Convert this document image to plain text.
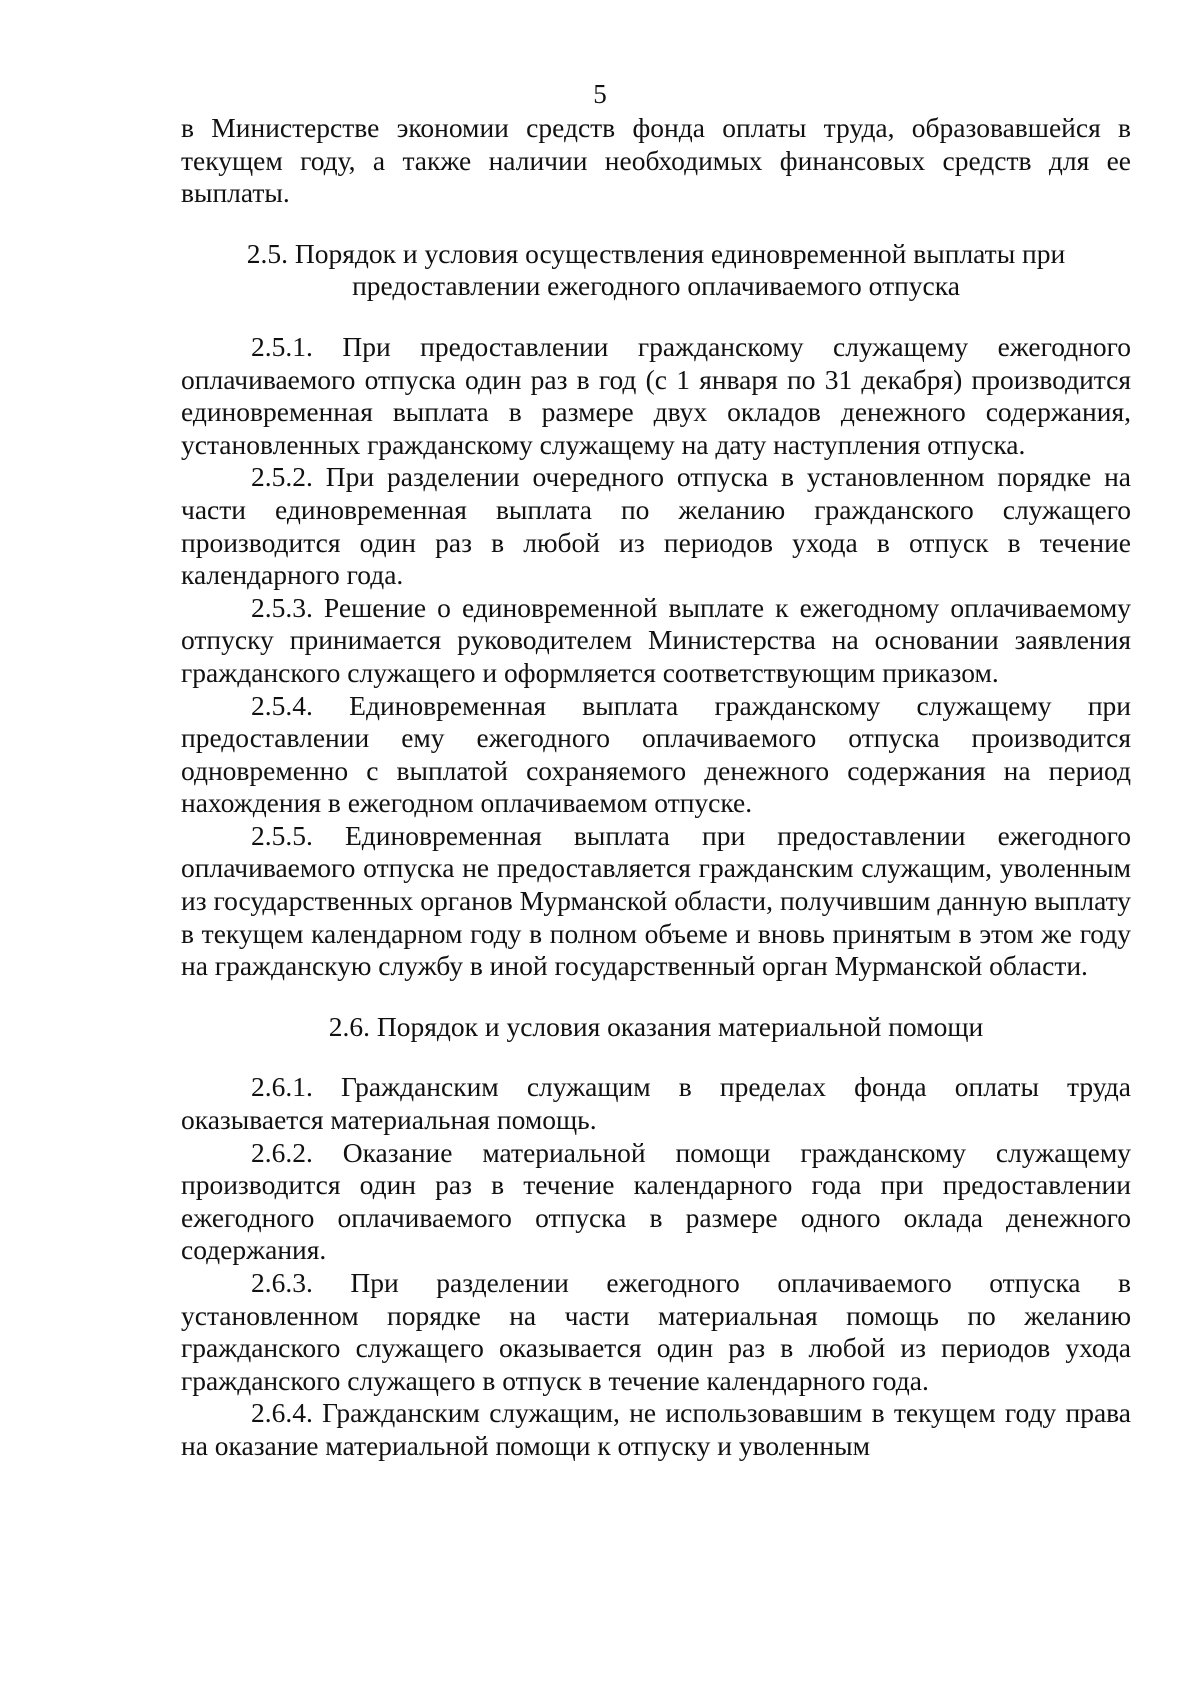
5

в Министерстве экономии средств фонда оплаты труда, образовавшейся в текущем году, а также наличии необходимых финансовых средств для ее выплаты.

2.5. Порядок и условия осуществления единовременной выплаты при предоставлении ежегодного оплачиваемого отпуска

2.5.1. При предоставлении гражданскому служащему ежегодного оплачиваемого отпуска один раз в год (с 1 января по 31 декабря) производится единовременная выплата в размере двух окладов денежного содержания, установленных гражданскому служащему на дату наступления отпуска.

2.5.2. При разделении очередного отпуска в установленном порядке на части единовременная выплата по желанию гражданского служащего производится один раз в любой из периодов ухода в отпуск в течение календарного года.

2.5.3. Решение о единовременной выплате к ежегодному оплачиваемому отпуску принимается руководителем Министерства на основании заявления гражданского служащего и оформляется соответствующим приказом.

2.5.4. Единовременная выплата гражданскому служащему при предоставлении ему ежегодного оплачиваемого отпуска производится одновременно с выплатой сохраняемого денежного содержания на период нахождения в ежегодном оплачиваемом отпуске.

2.5.5. Единовременная выплата при предоставлении ежегодного оплачиваемого отпуска не предоставляется гражданским служащим, уволенным из государственных органов Мурманской области, получившим данную выплату в текущем календарном году в полном объеме и вновь принятым в этом же году на гражданскую службу в иной государственный орган Мурманской области.

2.6. Порядок и условия оказания материальной помощи

2.6.1. Гражданским служащим в пределах фонда оплаты труда оказывается материальная помощь.

2.6.2. Оказание материальной помощи гражданскому служащему производится один раз в течение календарного года при предоставлении ежегодного оплачиваемого отпуска в размере одного оклада денежного содержания.

2.6.3. При разделении ежегодного оплачиваемого отпуска в установленном порядке на части материальная помощь по желанию гражданского служащего оказывается один раз в любой из периодов ухода гражданского служащего в отпуск в течение календарного года.

2.6.4. Гражданским служащим, не использовавшим в текущем году права на оказание материальной помощи к отпуску и уволенным
